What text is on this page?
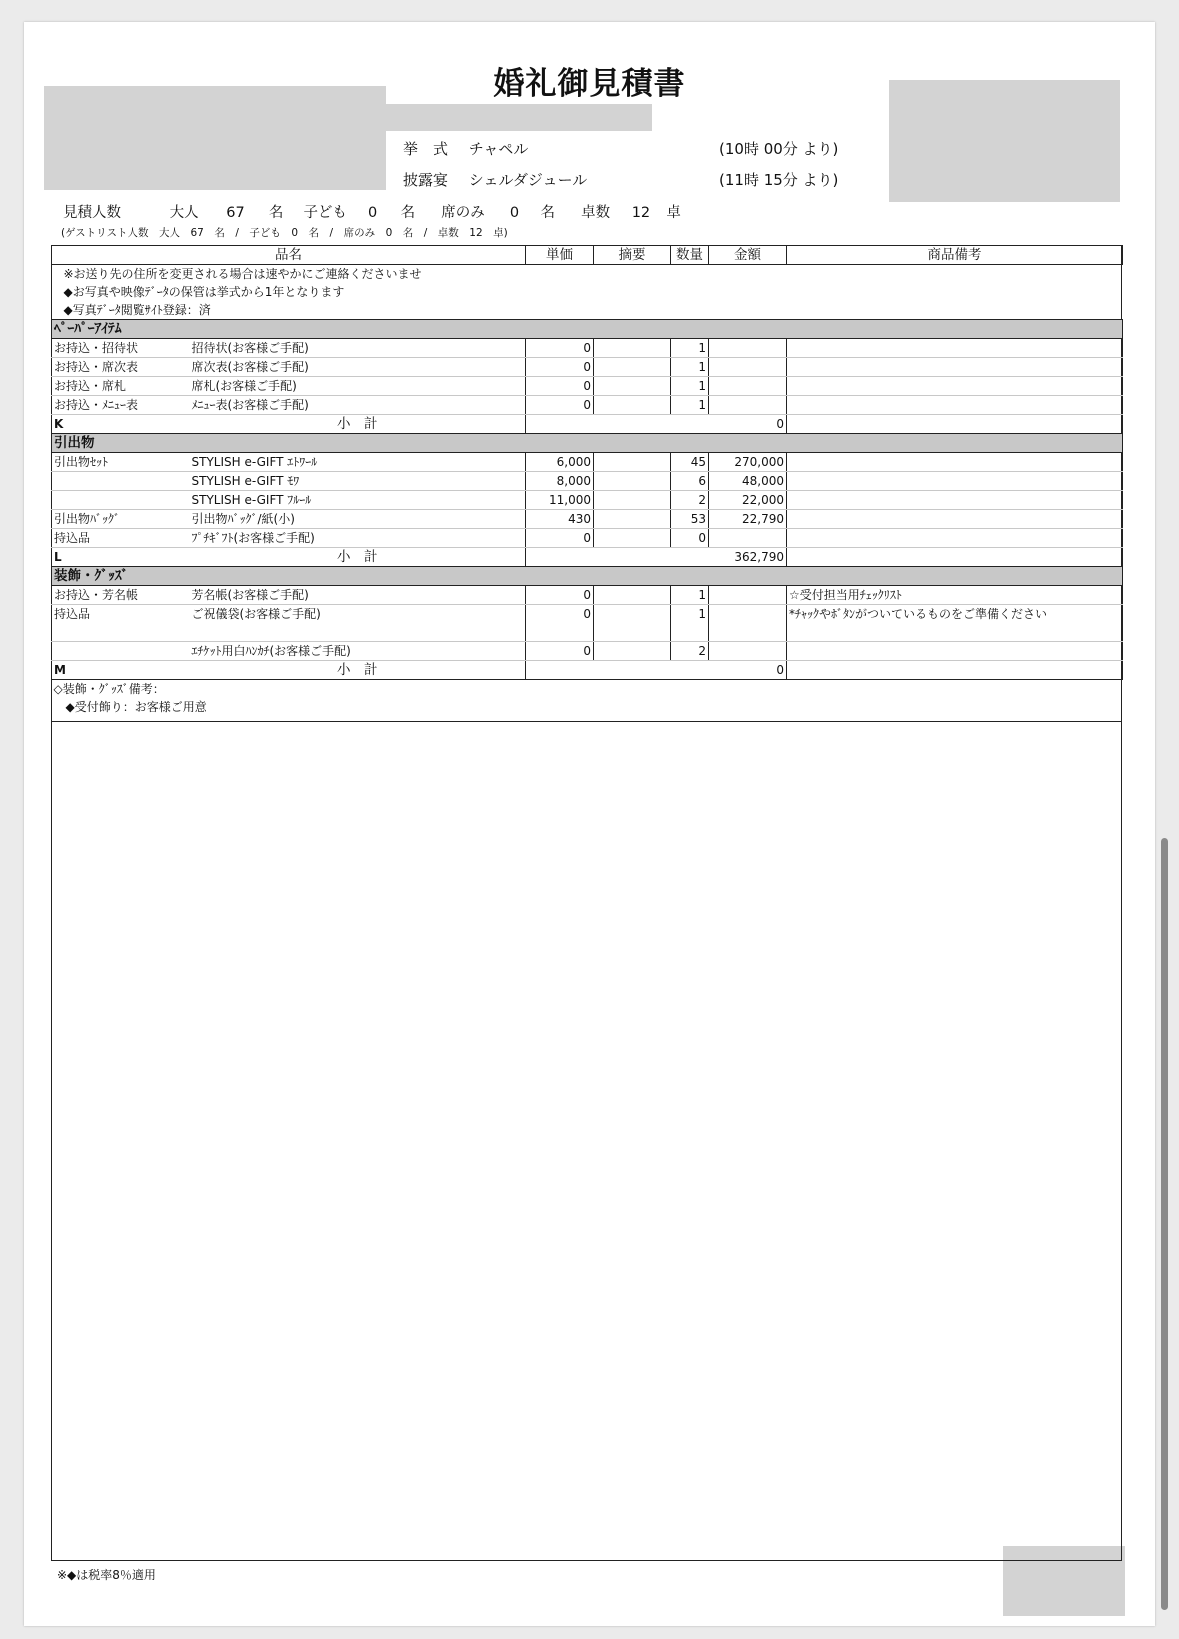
婚礼御見積書
挙　式 チャペル	(10時 00分 より)
披露宴 シェルダジュール	(11時 15分 より)
見積人数	大人 67 名 子ども 0 名 席のみ 0 名 卓数 12 卓
(ゲストリスト人数　大人　67　名　/　子ども　0　名　/　席のみ　0　名　/　卓数　12　卓)
品名		単価	摘要	数量	金額	商品備考
※お送り先の住所を変更される場合は速やかにご連絡くださいませ						
◆お写真や映像ﾃﾞｰﾀの保管は挙式から1年となります						
◆写真ﾃﾞｰﾀ閲覧ｻｲﾄ登録：済						
ﾍﾟｰﾊﾟｰｱｲﾃﾑ						
お持込・招待状	招待状(お客様ご手配)	0		1		
お持込・席次表	席次表(お客様ご手配)	0		1		
お持込・席札	席札(お客様ご手配)	0		1		
お持込・ﾒﾆｭｰ表	ﾒﾆｭｰ表(お客様ご手配)	0		1		
K	小　計	0				
引出物						
引出物ｾｯﾄ	STYLISH e-GIFT ｴﾄﾜｰﾙ	6,000		45	270,000	
	STYLISH e-GIFT ﾓﾜ	8,000		6	48,000	
	STYLISH e-GIFT ﾌﾙｰﾙ	11,000		2	22,000	
引出物ﾊﾞｯｸﾞ	引出物ﾊﾞｯｸﾞ/紙(小)	430		53	22,790	
持込品	ﾌﾟﾁｷﾞﾌﾄ(お客様ご手配)	0		0		
L	小　計	362,790				
装飾・ｸﾞｯｽﾞ						
お持込・芳名帳	芳名帳(お客様ご手配)	0		1		☆受付担当用ﾁｪｯｸﾘｽﾄ
持込品	ご祝儀袋(お客様ご手配)	0		1		*ﾁｬｯｸやﾎﾞﾀﾝがついているものをご準備ください
	ｴﾁｹｯﾄ用白ﾊﾝｶﾁ(お客様ご手配)	0		2		
M	小　計	0				
◇装飾・ｸﾞｯｽﾞ備考：						
◆受付飾り：お客様ご用意						
※◆は税率8％適用
